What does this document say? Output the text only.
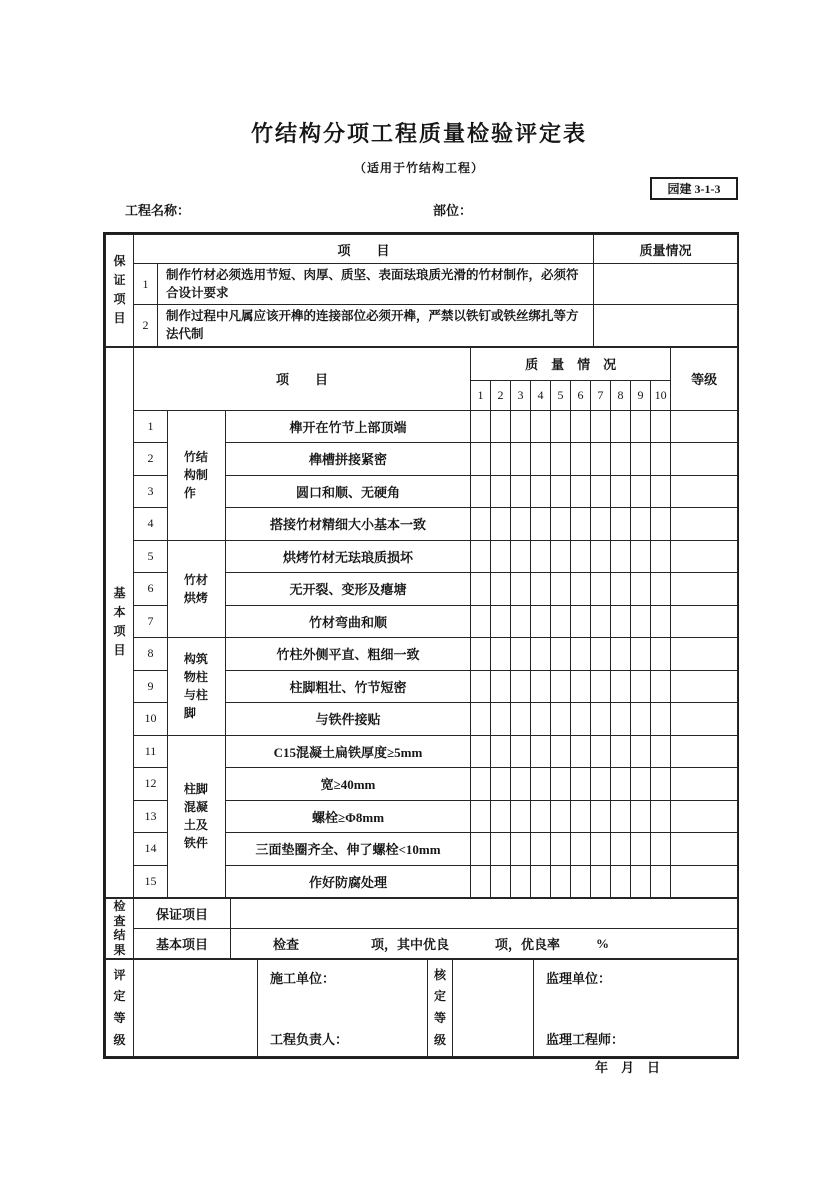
竹结构分项工程质量检验评定表
（适用于竹结构工程）
园建 3-1-3
工程名称：	部位：
保证项目	项　　目		质量情况
	1	制作竹材必须选用节短、肉厚、质坚、表面珐琅质光滑的竹材制作，必须符合设计要求	
	2	制作过程中凡属应该开榫的连接部位必须开榫，严禁以铁钉或铁丝绑扎等方法代制	
基本项目	项　　目			质　量　情　况										等级
				1	2	3	4	5	6	7	8	9	10	
	1	竹结构制作	榫开在竹节上部顶端											
	2		榫槽拼接紧密											
	3		圆口和顺、无硬角											
	4		搭接竹材精细大小基本一致											
	5	竹材烘烤	烘烤竹材无珐琅质损坏											
	6		无开裂、变形及瘪塘											
	7		竹材弯曲和顺											
	8	构筑物柱与柱脚	竹柱外侧平直、粗细一致											
	9		柱脚粗壮、竹节短密											
	10		与铁件接贴											
	11	柱脚混凝土及铁件	C15混凝土扁铁厚度≥5mm											
	12		宽≥40mm											
	13		螺栓≥Φ8mm											
	14		三面垫圈齐全、伸了螺栓<10mm											
	15		作好防腐处理											
检查结果	保证项目	
	基本项目	检查 项，其中优良 项，优良率 %
评定等级		
施工单位：
工程负责人：
	核定等级		
监理单位：
监理工程师：
年　月　日
